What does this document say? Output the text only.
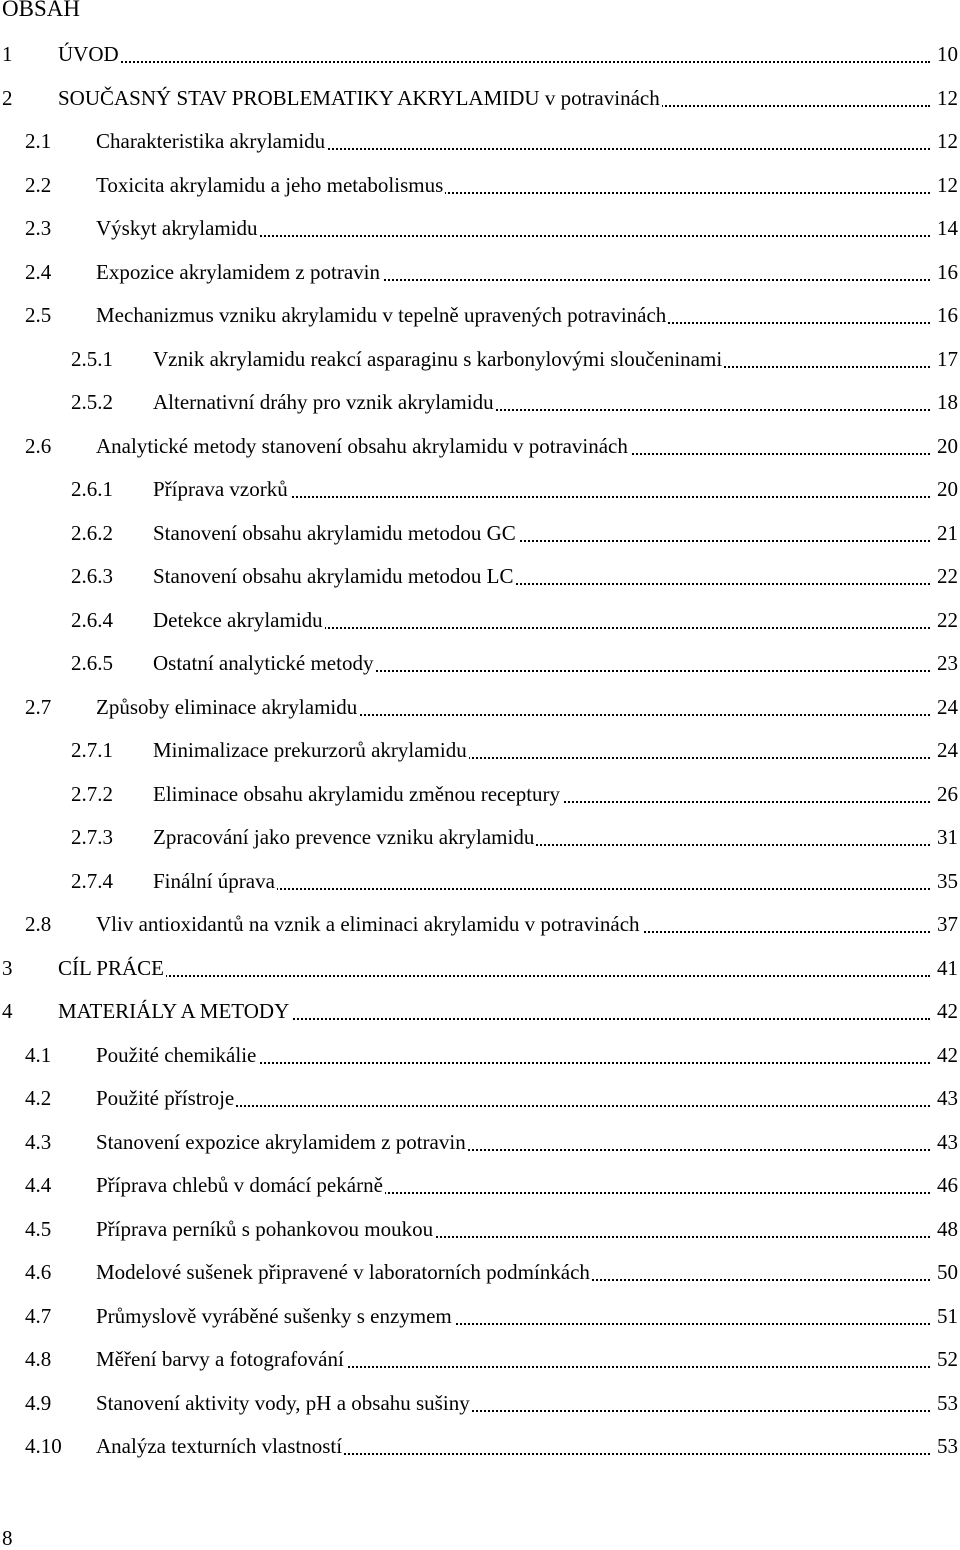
OBSAH
1 ÚVOD	10
2 SOUČASNÝ STAV PROBLEMATIKY AKRYLAMIDU v potravinách	12
2.1 Charakteristika akrylamidu	12
2.2 Toxicita akrylamidu a jeho metabolismus	12
2.3 Výskyt akrylamidu	14
2.4 Expozice akrylamidem z potravin	16
2.5 Mechanizmus vzniku akrylamidu v tepelně upravených potravinách	16
2.5.1 Vznik akrylamidu reakcí asparaginu s karbonylovými sloučeninami	17
2.5.2 Alternativní dráhy pro vznik akrylamidu	18
2.6 Analytické metody stanovení obsahu akrylamidu v potravinách	20
2.6.1 Příprava vzorků	20
2.6.2 Stanovení obsahu akrylamidu metodou GC	21
2.6.3 Stanovení obsahu akrylamidu metodou LC	22
2.6.4 Detekce akrylamidu	22
2.6.5 Ostatní analytické metody	23
2.7 Způsoby eliminace akrylamidu	24
2.7.1 Minimalizace prekurzorů akrylamidu	24
2.7.2 Eliminace obsahu akrylamidu změnou receptury	26
2.7.3 Zpracování jako prevence vzniku akrylamidu	31
2.7.4 Finální úprava	35
2.8 Vliv antioxidantů na vznik a eliminaci akrylamidu v potravinách	37
3 CÍL PRÁCE	41
4 MATERIÁLY A METODY	42
4.1 Použité chemikálie	42
4.2 Použité přístroje	43
4.3 Stanovení expozice akrylamidem z potravin	43
4.4 Příprava chlebů v domácí pekárně	46
4.5 Příprava perníků s pohankovou moukou	48
4.6 Modelové sušenek připravené v laboratorních podmínkách	50
4.7 Průmyslově vyráběné sušenky s enzymem	51
4.8 Měření barvy a fotografování	52
4.9 Stanovení aktivity vody, pH a obsahu sušiny	53
4.10 Analýza texturních vlastností	53
8
